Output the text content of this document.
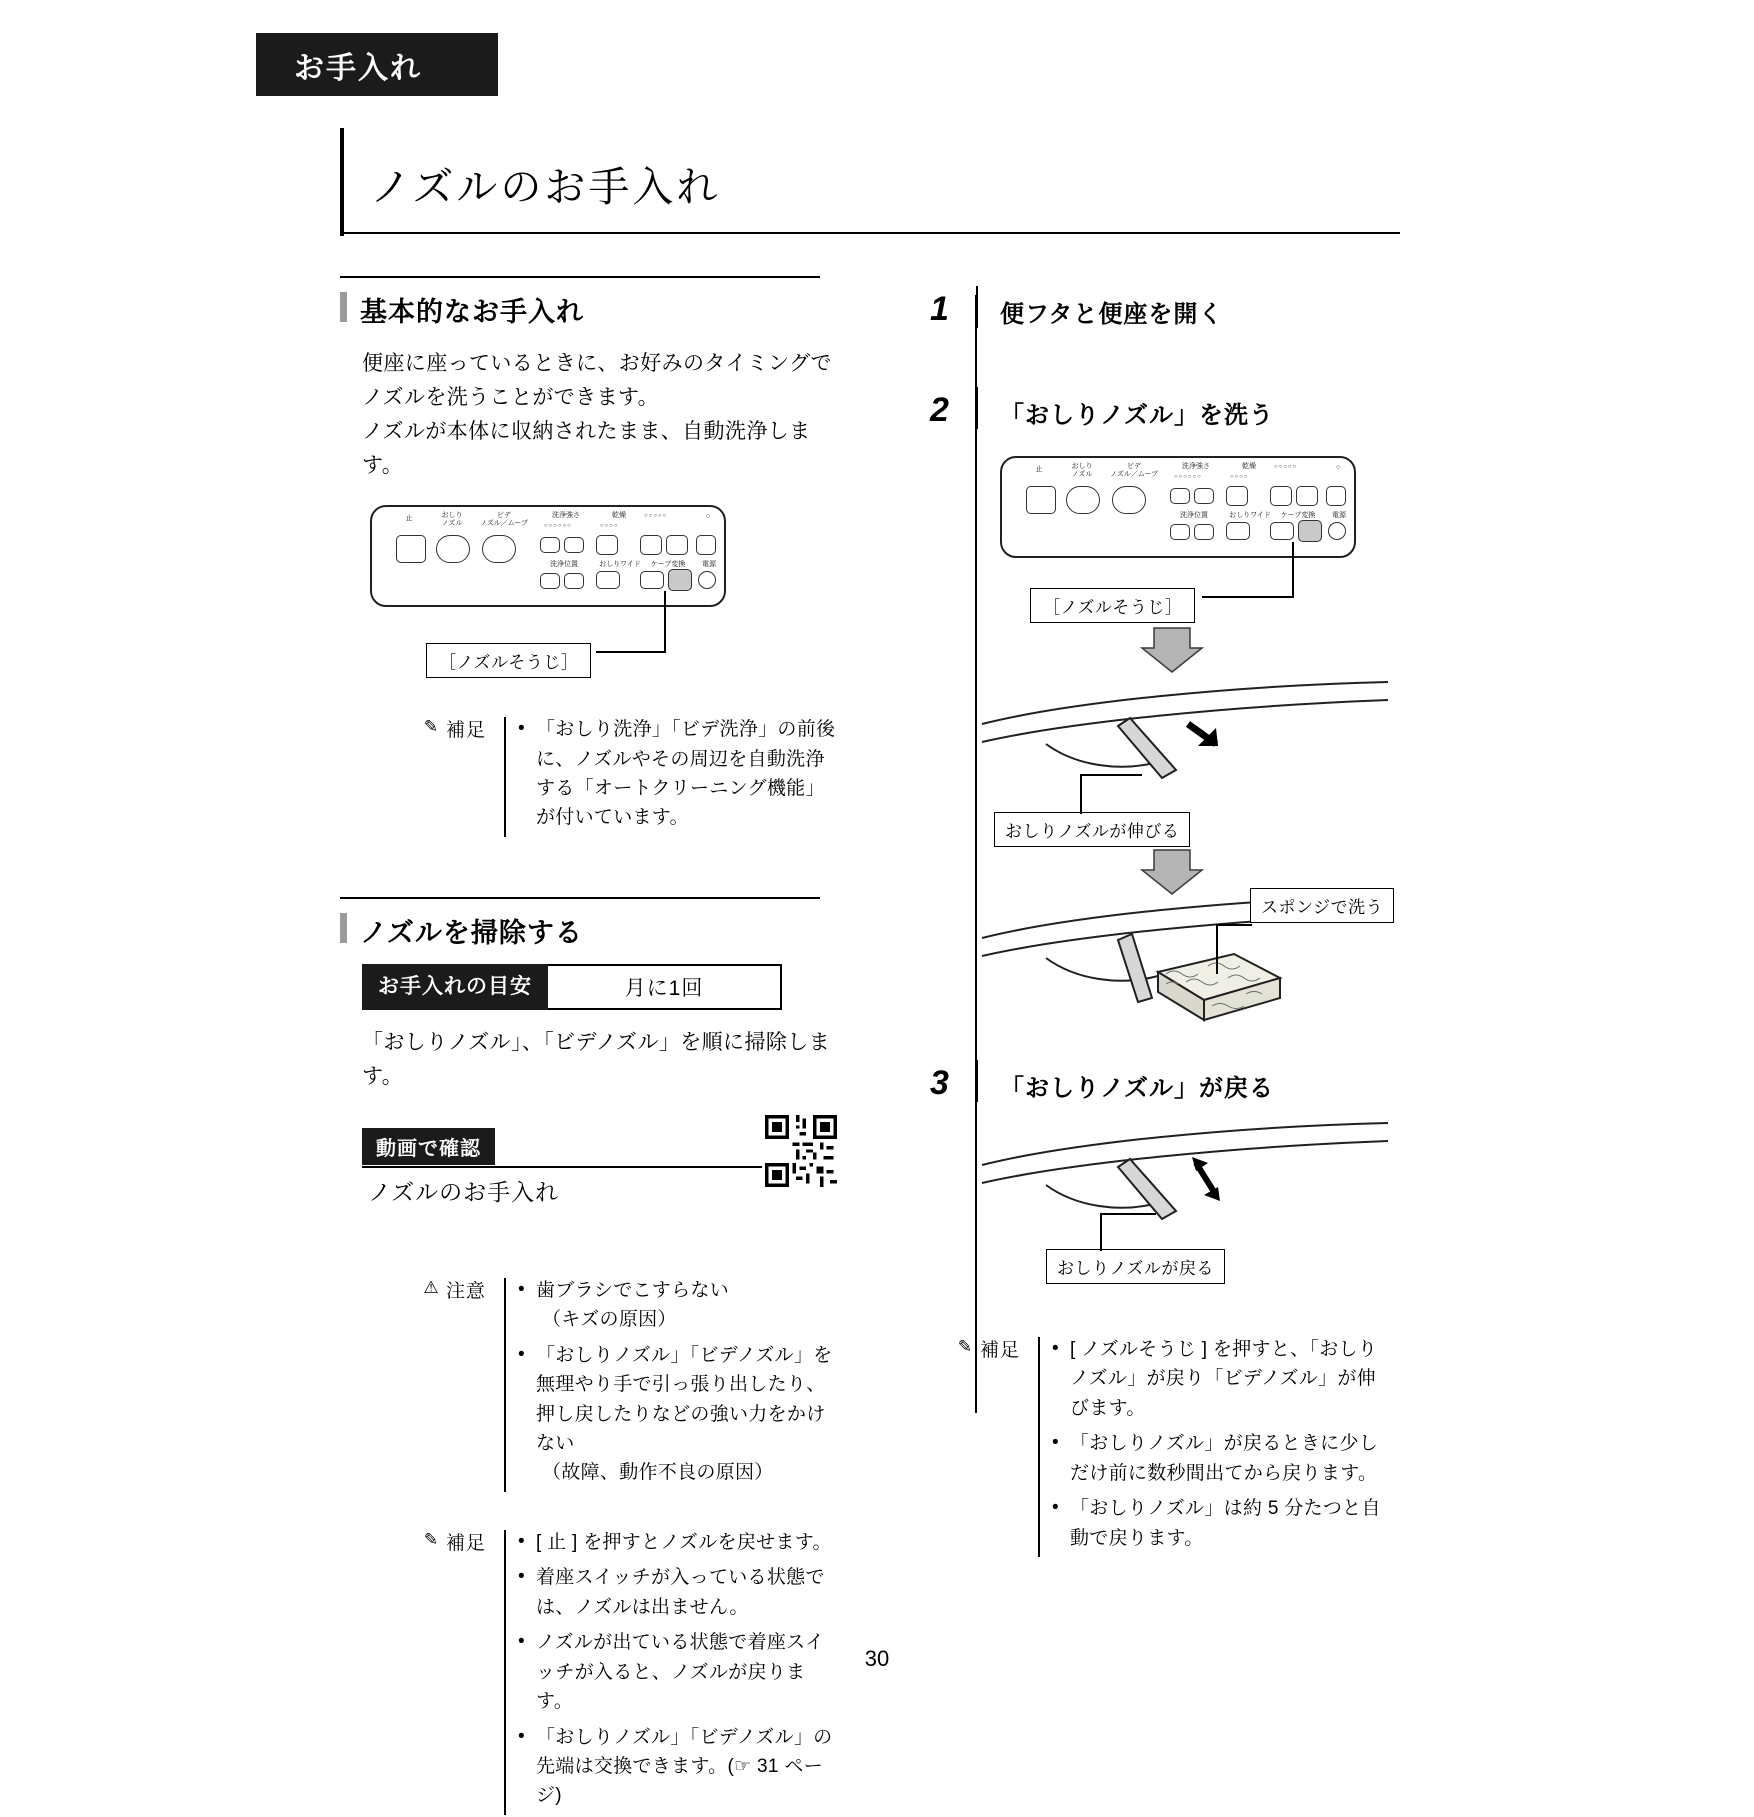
お手入れ
ノズルのお手入れ
基本的なお手入れ

便座に座っているときに、お好みのタイミングでノズルを洗うことができます。

ノズルが本体に収納されたまま、自動洗浄します。

止	おしり
ノズル
ビデ
ノズル／ムーブ
洗浄強さ
○○○○○○
乾燥
○○○○
○○○○○	○
洗浄位置	おしりワイド	ケーブ変換	電源
［ノズルそうじ］
✎ 補足	• 「おしり洗浄」「ビデ洗浄」の前後に、ノズルやその周辺を自動洗浄する「オートクリーニング機能」が付いています。
ノズルを掃除する
お手入れの目安	月に1回

「おしりノズル」、「ビデノズル」を順に掃除します。

動画で確認
ノズルのお手入れ
⚠ 注意	• 歯ブラシでこすらない
（キズの原因）
• 「おしりノズル」「ビデノズル」を無理やり手で引っ張り出したり、押し戻したりなどの強い力をかけない
（故障、動作不良の原因）
✎ 補足	• [ 止 ] を押すとノズルを戻せます。
• 着座スイッチが入っている状態では、ノズルは出ません。
• ノズルが出ている状態で着座スイッチが入ると、ノズルが戻ります。
• 「おしりノズル」「ビデノズル」の先端は交換できます。(☞ 31 ページ)
1	便フタと便座を開く
2	「おしりノズル」を洗う
止	おしり
ノズル
ビデ
ノズル／ムーブ
洗浄強さ
○○○○○○
乾燥
○○○○
○○○○○	○
洗浄位置	おしりワイド	ケーブ変換	電源
［ノズルそうじ］
おしりノズルが伸びる
スポンジで洗う
3	「おしりノズル」が戻る
おしりノズルが戻る
✎ 補足	• [ ノズルそうじ ] を押すと、「おしりノズル」が戻り「ビデノズル」が伸びます。
• 「おしりノズル」が戻るときに少しだけ前に数秒間出てから戻ります。
• 「おしりノズル」は約 5 分たつと自動で戻ります。
30
